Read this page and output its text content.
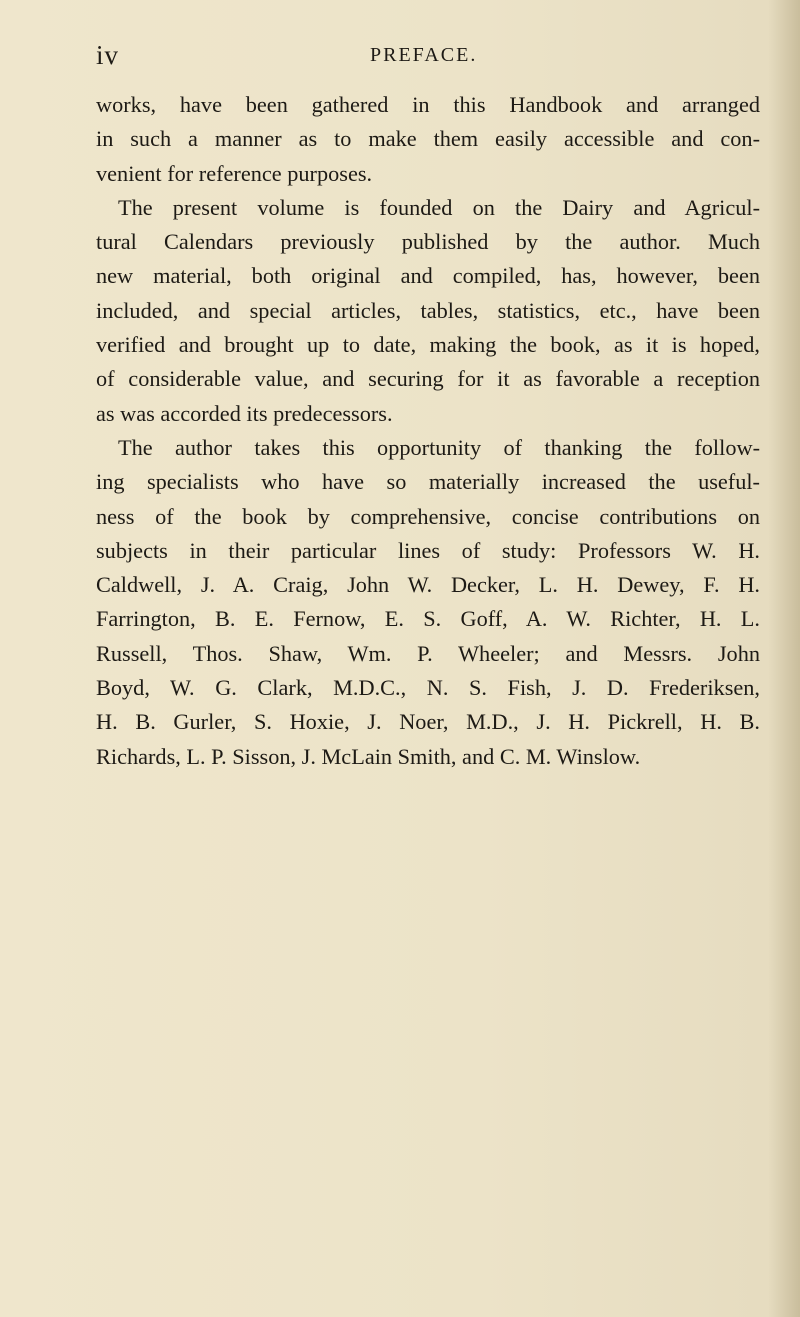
iv	PREFACE.
works, have been gathered in this Handbook and arranged
in such a manner as to make them easily accessible and con-
venient for reference purposes.
The present volume is founded on the Dairy and Agricul-
tural Calendars previously published by the author. Much
new material, both original and compiled, has, however, been
included, and special articles, tables, statistics, etc., have been
verified and brought up to date, making the book, as it is hoped,
of considerable value, and securing for it as favorable a reception
as was accorded its predecessors.
The author takes this opportunity of thanking the follow-
ing specialists who have so materially increased the useful-
ness of the book by comprehensive, concise contributions on
subjects in their particular lines of study: Professors W. H.
Caldwell, J. A. Craig, John W. Decker, L. H. Dewey, F. H.
Farrington, B. E. Fernow, E. S. Goff, A. W. Richter, H. L.
Russell, Thos. Shaw, Wm. P. Wheeler; and Messrs. John
Boyd, W. G. Clark, M.D.C., N. S. Fish, J. D. Frederiksen,
H. B. Gurler, S. Hoxie, J. Noer, M.D., J. H. Pickrell, H. B.
Richards, L. P. Sisson, J. McLain Smith, and C. M. Winslow.
